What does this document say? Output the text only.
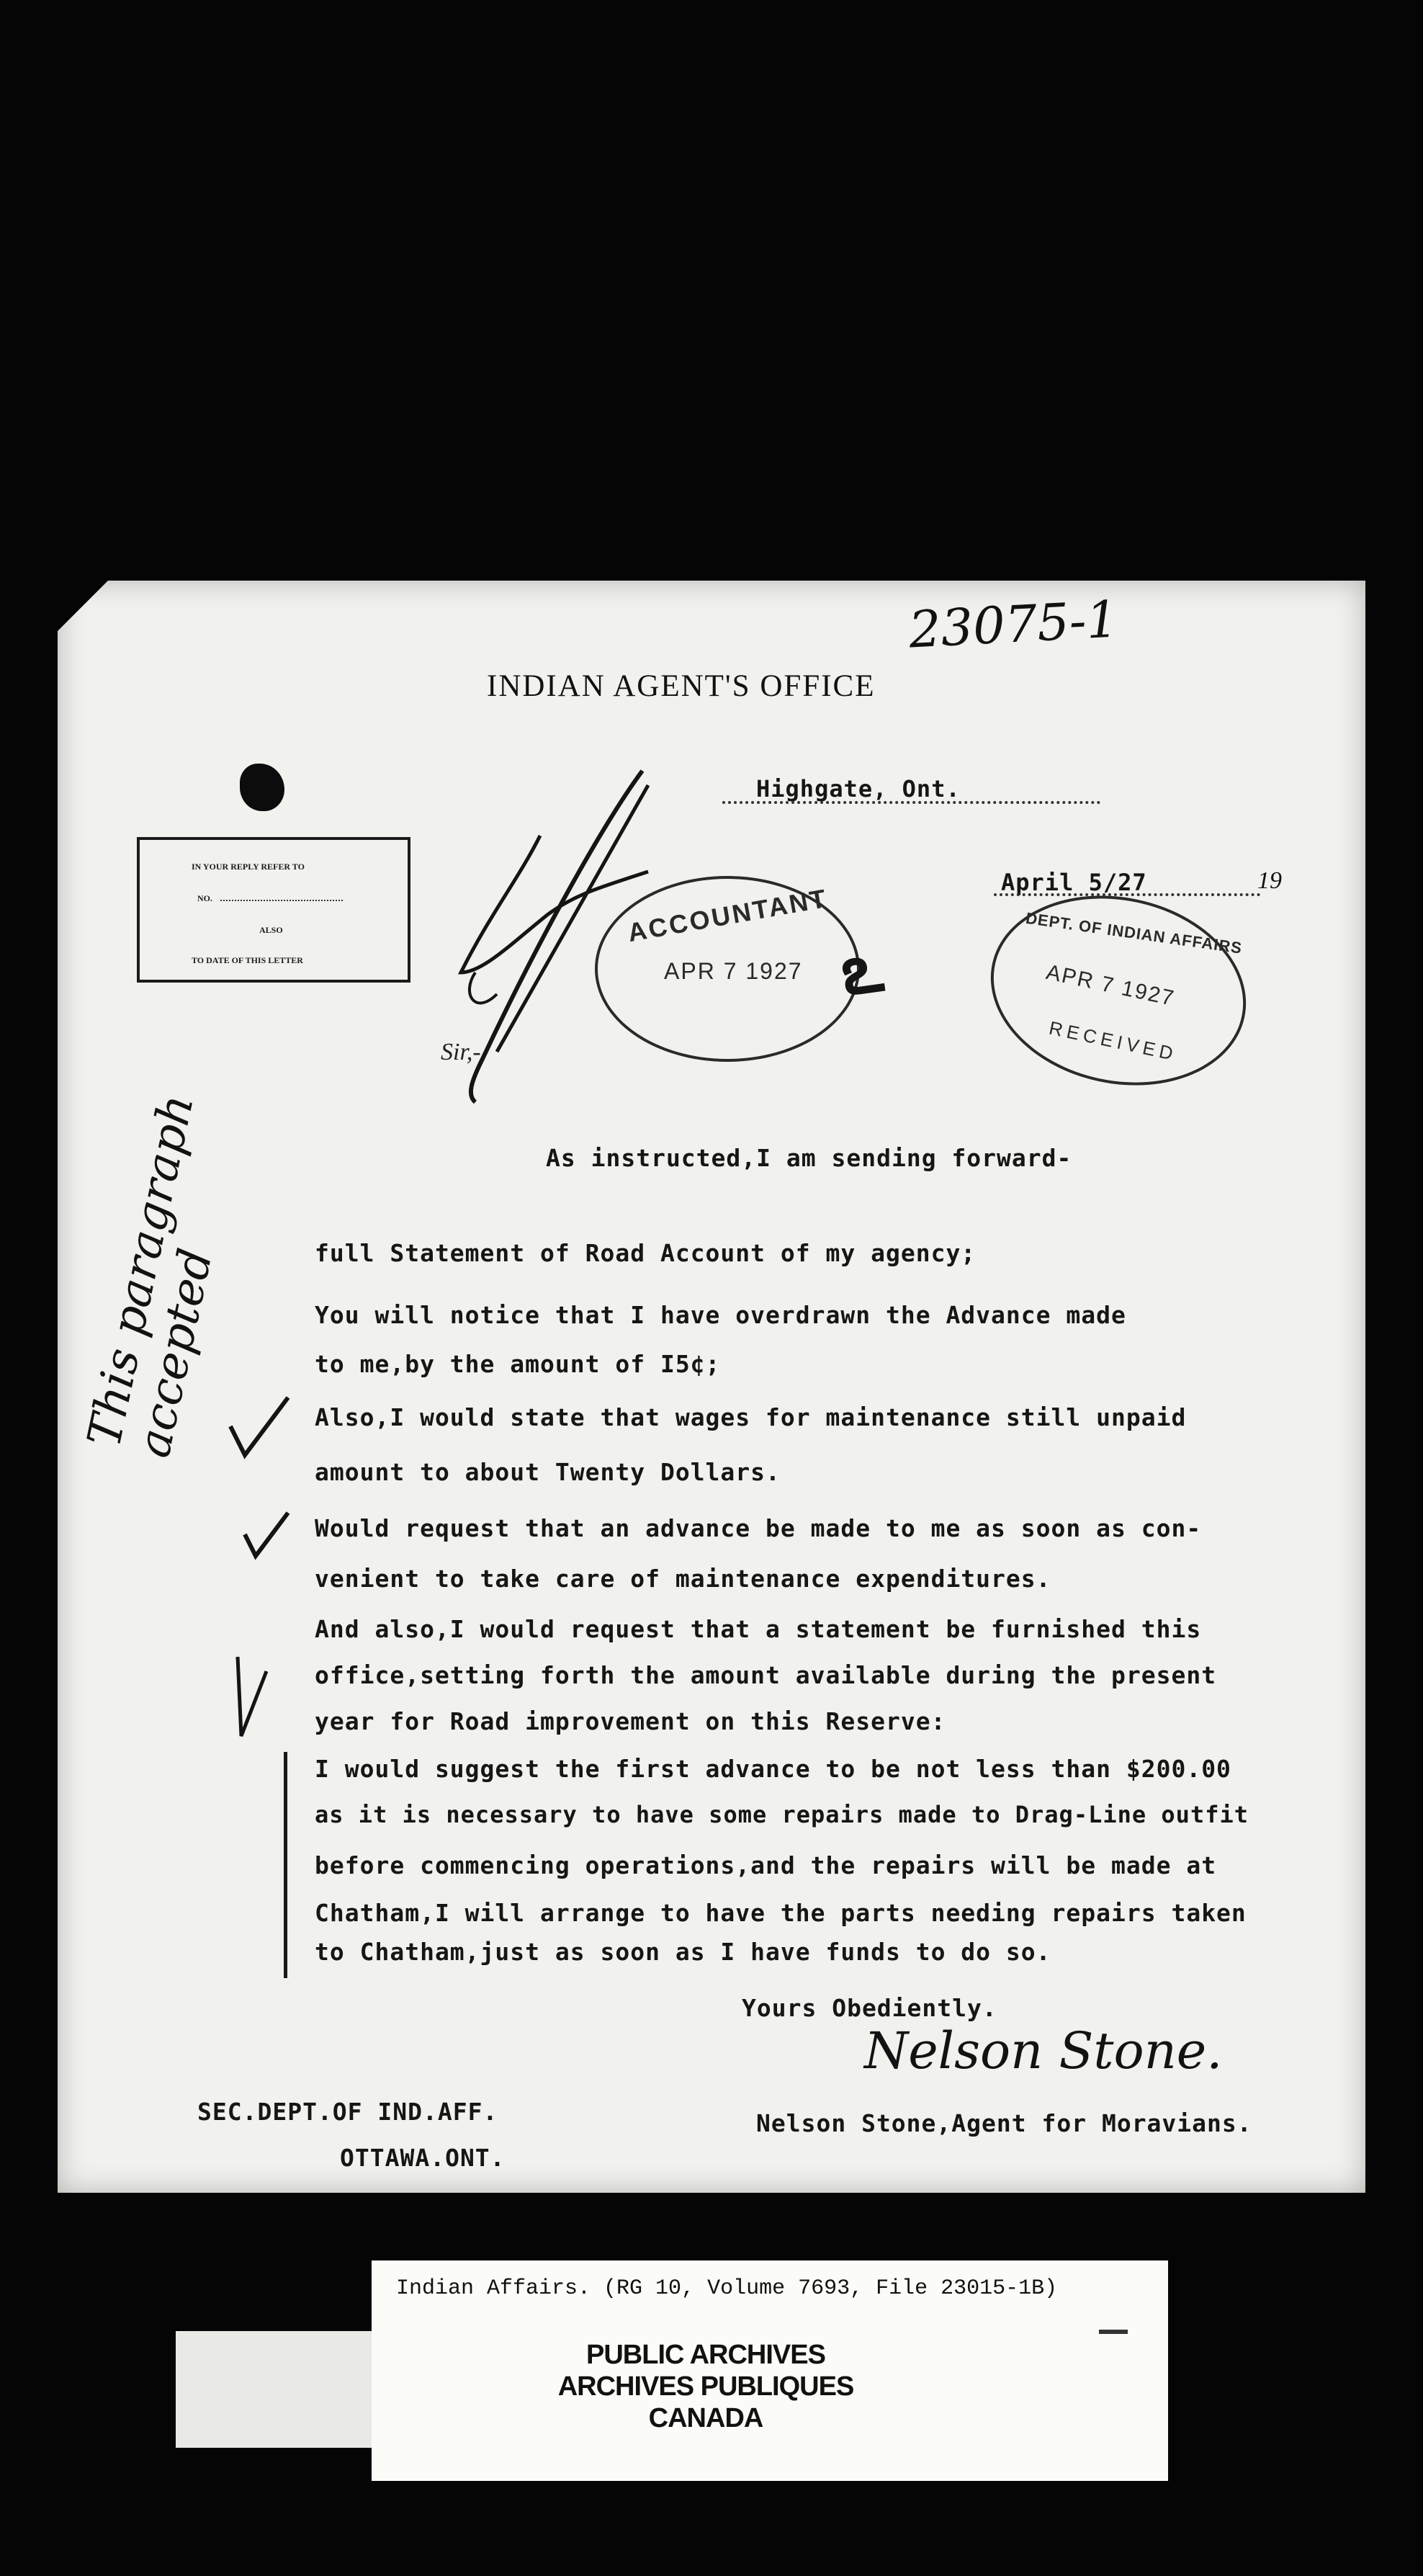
23075-1
INDIAN AGENT'S OFFICE
Highgate, Ont.
April 5/27	19
IN YOUR REPLY REFER TO
NO.
ALSO
TO DATE OF THIS LETTER
Sir,-
ACCOUNTANT
APR 7 1927 ఽ	DEPT. OF INDIAN AFFAIRS
APR 7 1927
RECEIVED
As instructed,I am sending forward-
full Statement of Road Account of my agency;
You will notice that I have overdrawn the Advance made
to me,by the amount of I5¢;
Also,I would state that wages for maintenance still unpaid
amount to about Twenty Dollars.
Would request that an advance be made to me as soon as con-
venient to take care of maintenance expenditures.
And also,I would request that a statement be furnished this
office,setting forth the amount available during the present
year for Road improvement on this Reserve:
I would suggest the first advance to be not less than $200.00
as it is necessary to have some repairs made to Drag-Line outfit
before commencing operations,and the repairs will be made at
Chatham,I will arrange to have the parts needing repairs taken
to Chatham,just as soon as I have funds to do so.
This paragraph accepted
Yours Obediently.
Nelson Stone.
Nelson Stone,Agent for Moravians.
SEC.DEPT.OF IND.AFF.
OTTAWA.ONT.
Indian Affairs. (RG 10, Volume 7693, File 23015-1B)
PUBLIC ARCHIVES
ARCHIVES PUBLIQUES
CANADA
